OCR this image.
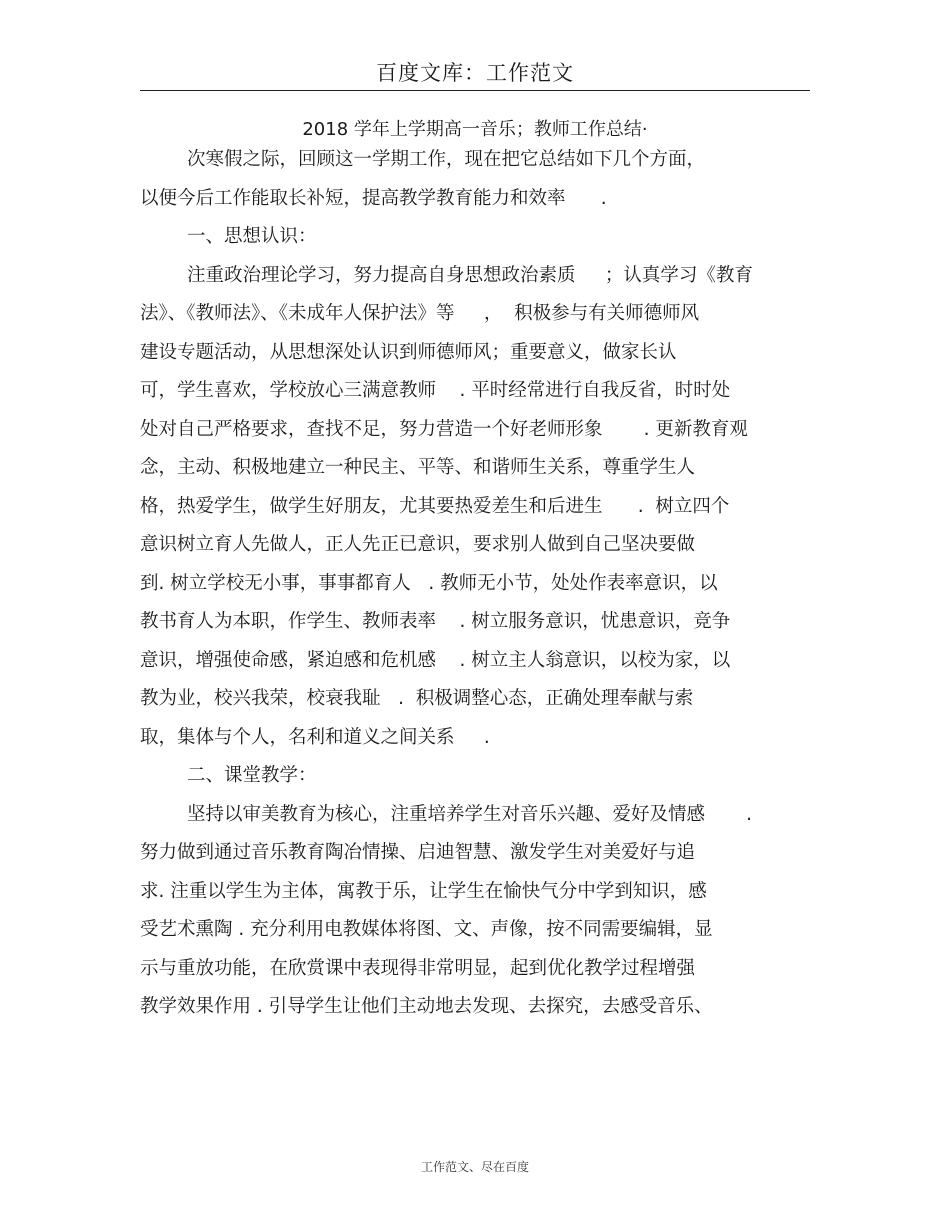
百度文库：工作范文
2018 学年上学期高一音乐；教师工作总结·
次寒假之际，回顾这一学期工作，现在把它总结如下几个方面，
以便今后工作能取长补短，提高教学教育能力和效率      .
一、思想认识：
注重政治理论学习，努力提高自身思想政治素质     ；认真学习《教育
法》、《教师法》、《未成年人保护法》等     ，  积极参与有关师德师风
建设专题活动，从思想深处认识到师德师风；重要意义，做家长认
可，学生喜欢，学校放心三满意教师    . 平时经常进行自我反省，时时处
处对自己严格要求，查找不足，努力营造一个好老师形象       . 更新教育观
念，主动、积极地建立一种民主、平等、和谐师生关系，尊重学生人
格，热爱学生，做学生好朋友，尤其要热爱差生和后进生      .  树立四个
意识树立育人先做人，正人先正已意识，要求别人做到自己坚决要做
到. 树立学校无小事，事事都育人   . 教师无小节，处处作表率意识，以
教书育人为本职，作学生、教师表率    . 树立服务意识，忧患意识，竞争
意识，增强使命感，紧迫感和危机感    . 树立主人翁意识，以校为家，以
教为业，校兴我荣，校衰我耻   .  积极调整心态，正确处理奉献与索
取，集体与个人，名利和道义之间关系     .
二、课堂教学：
坚持以审美教育为核心，注重培养学生对音乐兴趣、爱好及情感       .
努力做到通过音乐教育陶冶情操、启迪智慧、激发学生对美爱好与追
求. 注重以学生为主体，寓教于乐，让学生在愉快气分中学到知识，感
受艺术熏陶 . 充分利用电教媒体将图、文、声像，按不同需要编辑，显
示与重放功能，在欣赏课中表现得非常明显，起到优化教学过程增强
教学效果作用 . 引导学生让他们主动地去发现、去探究，去感受音乐、
工作范文、尽在百度
